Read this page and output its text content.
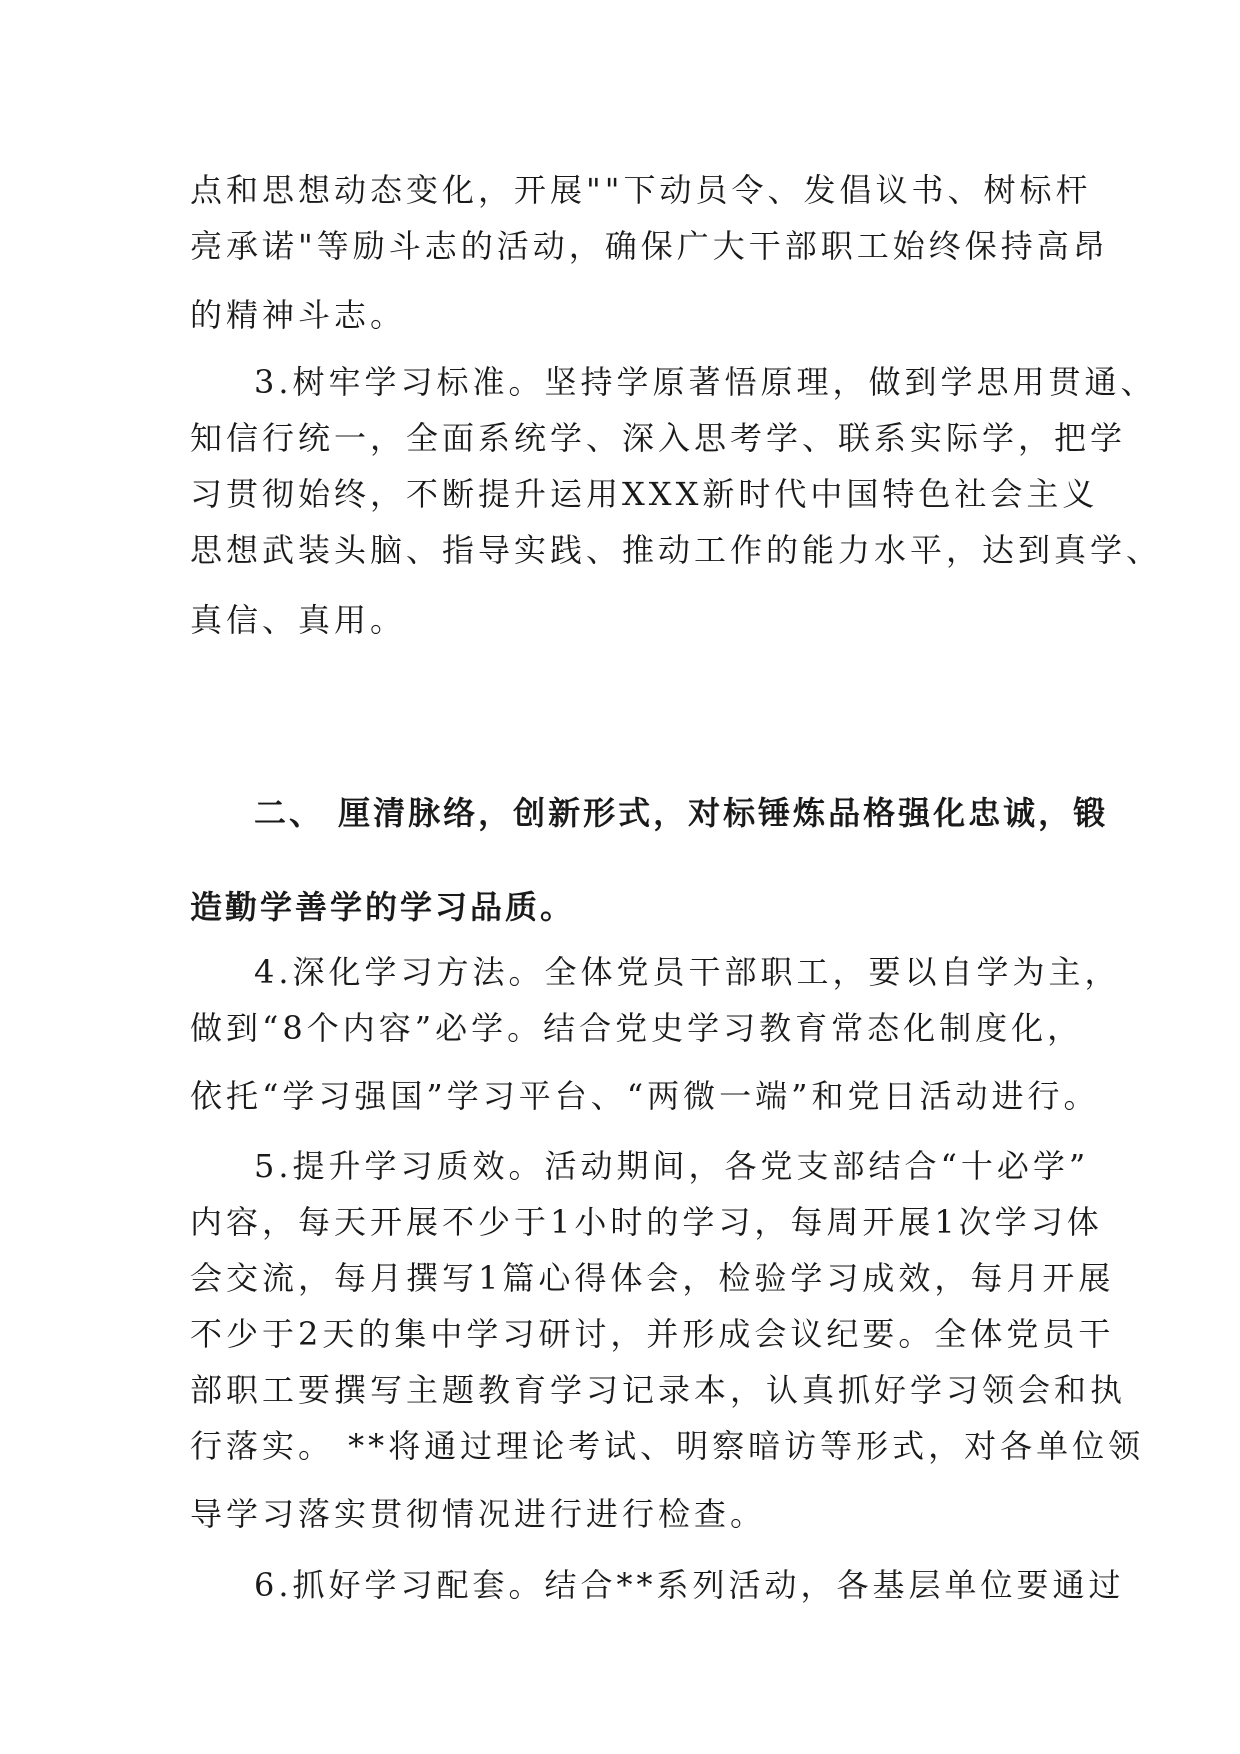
点和思想动态变化，开展""下动员令、发倡议书、树标杆
亮承诺"等励斗志的活动，确保广大干部职工始终保持高昂
的精神斗志。
3.树牢学习标准。坚持学原著悟原理，做到学思用贯通、
知信行统一，全面系统学、深入思考学、联系实际学，把学
习贯彻始终，不断提升运用XXX新时代中国特色社会主义
思想武装头脑、指导实践、推动工作的能力水平，达到真学、
真信、真用。
二、 厘清脉络，创新形式，对标锤炼品格强化忠诚，锻
造勤学善学的学习品质。
4.深化学习方法。全体党员干部职工，要以自学为主，
做到“8个内容”必学。结合党史学习教育常态化制度化，
依托“学习强国”学习平台、“两微一端”和党日活动进行。
5.提升学习质效。活动期间，各党支部结合“十必学”
内容，每天开展不少于1小时的学习，每周开展1次学习体
会交流，每月撰写1篇心得体会，检验学习成效，每月开展
不少于2天的集中学习研讨，并形成会议纪要。全体党员干
部职工要撰写主题教育学习记录本，认真抓好学习领会和执
行落实。 **将通过理论考试、明察暗访等形式，对各单位领
导学习落实贯彻情况进行进行检查。
6.抓好学习配套。结合**系列活动，各基层单位要通过
